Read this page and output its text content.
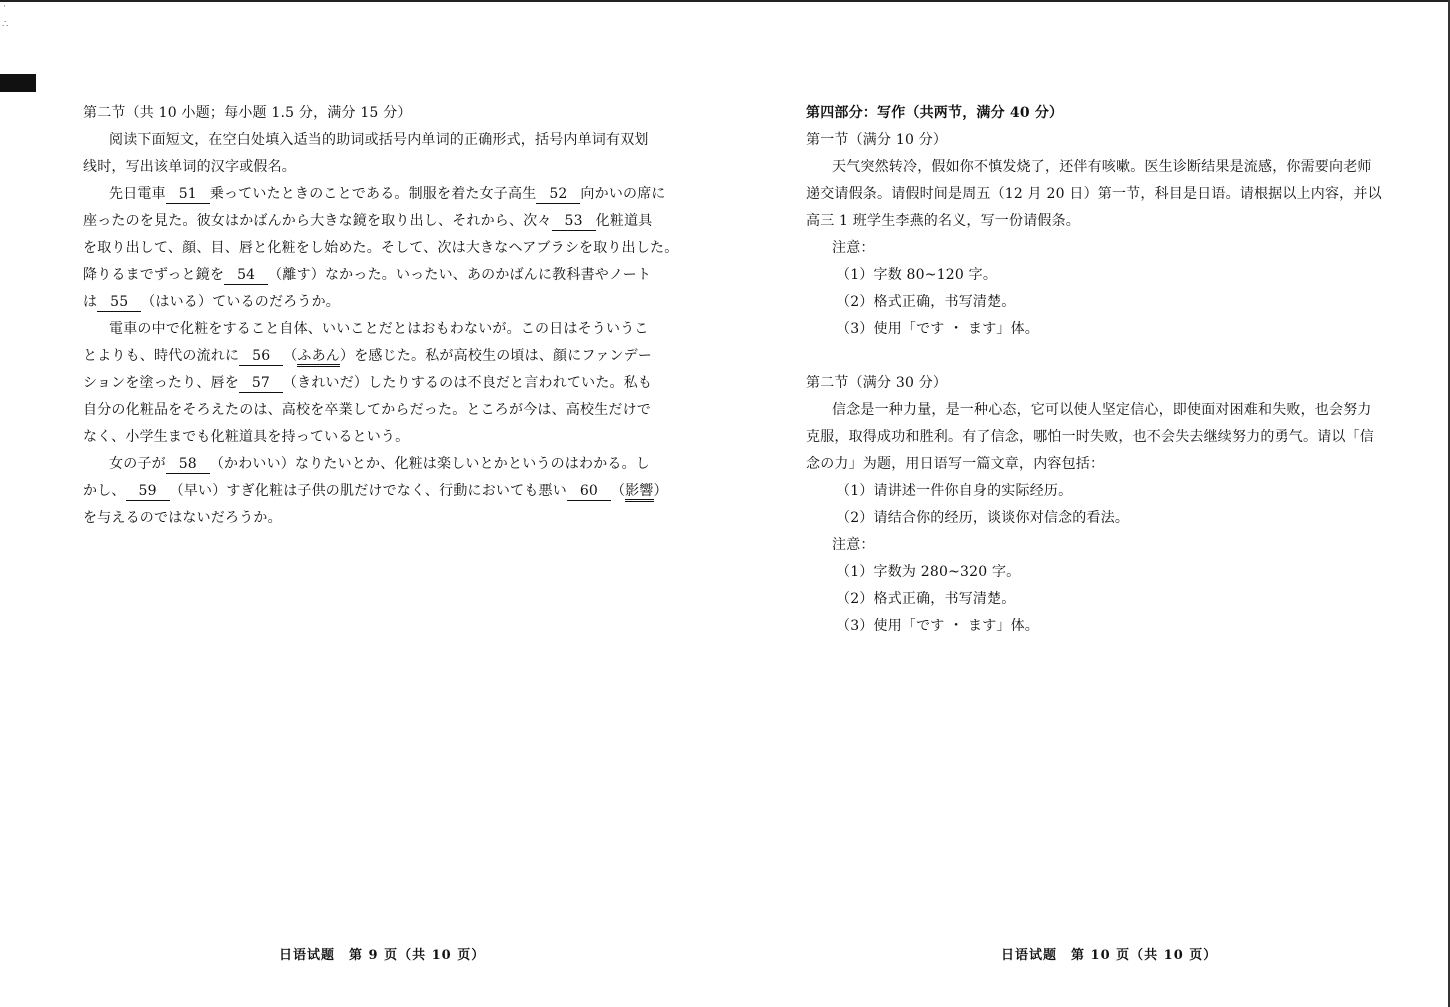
˙
∴
第二节（共 10 小题；每小题 1.5 分，满分 15 分）
阅读下面短文，在空白处填入适当的助词或括号内单词的正确形式，括号内单词有双划
线时，写出该单词的汉字或假名。
先日電車 51 乗っていたときのことである。制服を着た女子高生 52 向かいの席に
座ったのを見た。彼女はかばんから大きな鏡を取り出し、それから、次々 53 化粧道具
を取り出して、顔、目、唇と化粧をし始めた。そして、次は大きなヘアブラシを取り出した。
降りるまでずっと鏡を 54 （離す）なかった。いったい、あのかばんに教科書やノート
は 55 （はいる）ているのだろうか。
電車の中で化粧をすること自体、いいことだとはおもわないが。この日はそういうこ
とよりも、時代の流れに 56 （ふあん）を感じた。私が高校生の頃は、顔にファンデー
ションを塗ったり、唇を 57 （きれいだ）したりするのは不良だと言われていた。私も
自分の化粧品をそろえたのは、高校を卒業してからだった。ところが今は、高校生だけで
なく、小学生までも化粧道具を持っているという。
女の子が 58 （かわいい）なりたいとか、化粧は楽しいとかというのはわかる。し
かし、 59 （早い）すぎ化粧は子供の肌だけでなく、行動においても悪い 60 （影響）
を与えるのではないだろうか。
第四部分：写作（共两节，满分 40 分）
第一节（满分 10 分）
天气突然转冷，假如你不慎发烧了，还伴有咳嗽。医生诊断结果是流感，你需要向老师
递交请假条。请假时间是周五（12 月 20 日）第一节，科目是日语。请根据以上内容，并以
高三 1 班学生李燕的名义，写一份请假条。
注意：
（1）字数 80~120 字。
（2）格式正确，书写清楚。
（3）使用「です ・ ます」体。
第二节（满分 30 分）
信念是一种力量，是一种心态，它可以使人坚定信心，即使面对困难和失败，也会努力
克服，取得成功和胜利。有了信念，哪怕一时失败，也不会失去继续努力的勇气。请以「信
念の力」为题，用日语写一篇文章，内容包括：
（1）请讲述一件你自身的实际经历。
（2）请结合你的经历，谈谈你对信念的看法。
注意：
（1）字数为 280~320 字。
（2）格式正确，书写清楚。
（3）使用「です ・ ます」体。
日语试题　第 9 页（共 10 页）	日语试题　第 10 页（共 10 页）
